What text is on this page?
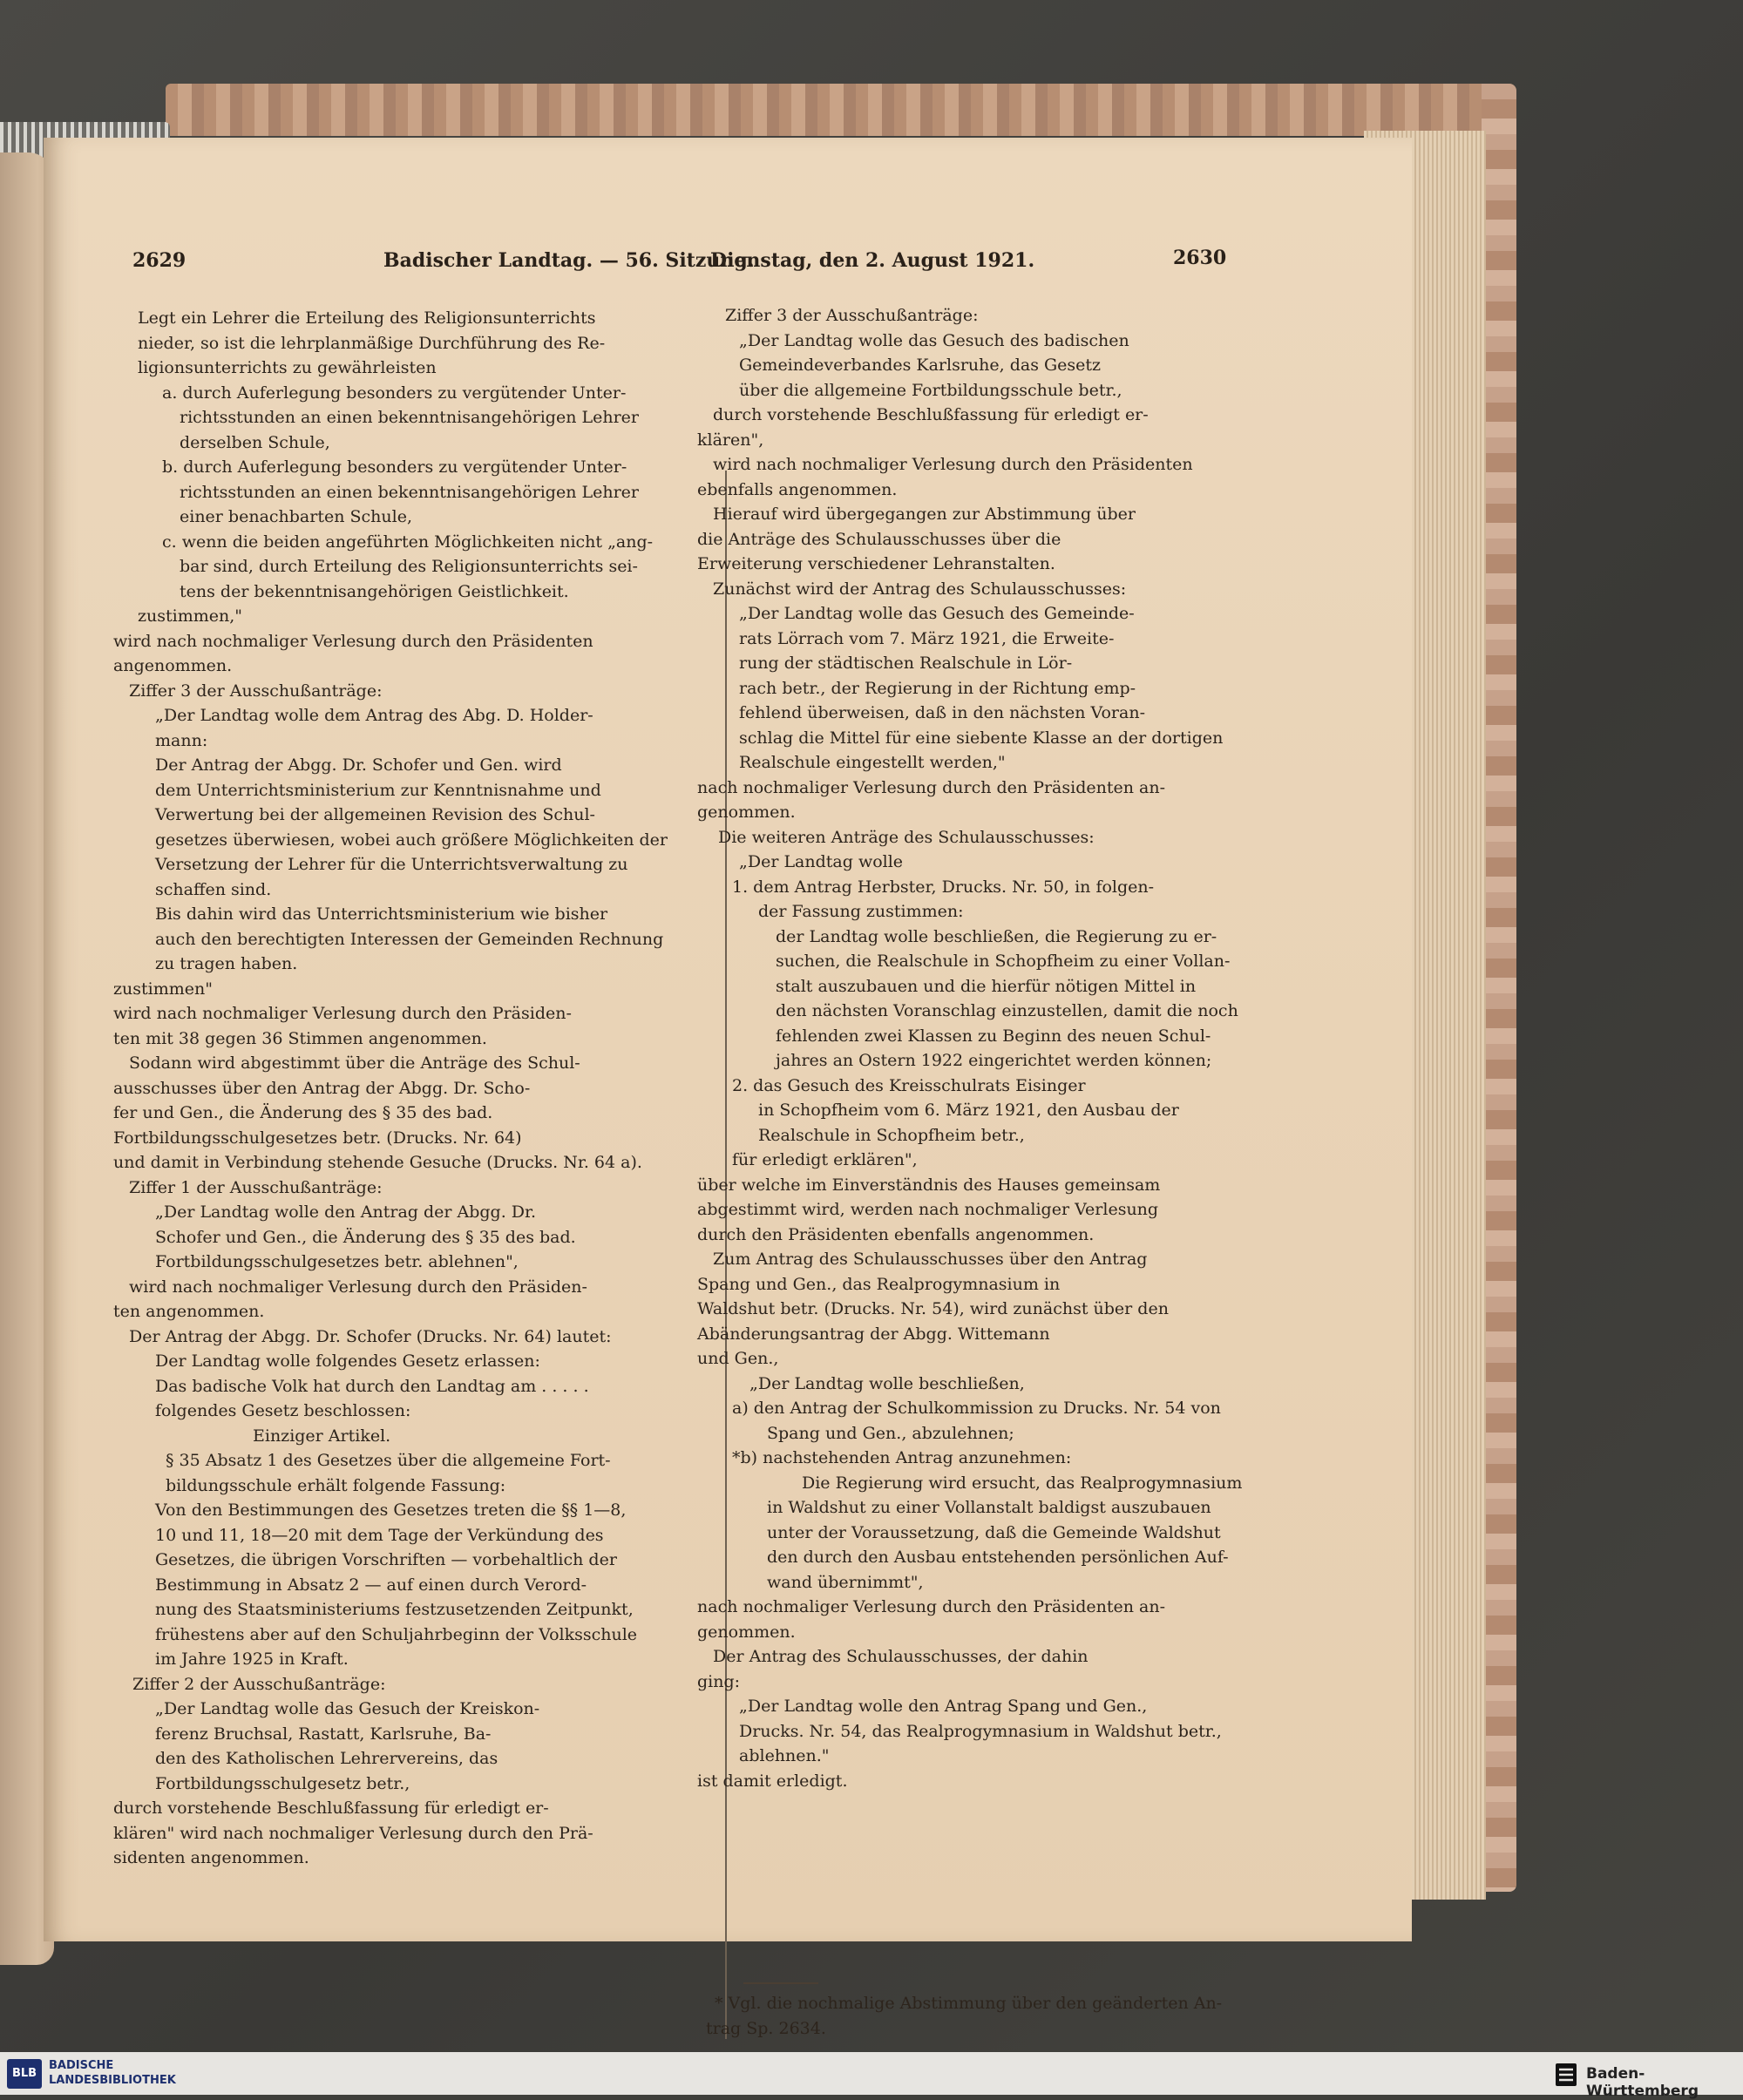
2629	Badischer Landtag. — 56. Sitzung.
Dienstag, den 2. August 1921.	2630

Legt ein Lehrer die Erteilung des Religionsunterrichts

nieder, so ist die lehrplanmäßige Durchführung des Re-

ligionsunterrichts zu gewährleisten

a. durch Auferlegung besonders zu vergütender Unter-

richtsstunden an einen bekenntnisangehörigen Lehrer

derselben Schule,

b. durch Auferlegung besonders zu vergütender Unter-

richtsstunden an einen bekenntnisangehörigen Lehrer

einer benachbarten Schule,

c. wenn die beiden angeführten Möglichkeiten nicht „ang-

bar sind, durch Erteilung des Religionsunterrichts sei-

tens der bekenntnisangehörigen Geistlichkeit.

zustimmen,"

wird nach nochmaliger Verlesung durch den Präsidenten

angenommen.

Ziffer 3 der Ausschußanträge:

„Der Landtag wolle dem Antrag des Abg. D. Holder-

mann:

Der Antrag der Abgg. Dr. Schofer und Gen. wird

dem Unterrichtsministerium zur Kenntnisnahme und

Verwertung bei der allgemeinen Revision des Schul-

gesetzes überwiesen, wobei auch größere Möglichkeiten der

Versetzung der Lehrer für die Unterrichtsverwaltung zu

schaffen sind.

Bis dahin wird das Unterrichtsministerium wie bisher

auch den berechtigten Interessen der Gemeinden Rechnung

zu tragen haben.

zustimmen"

wird nach nochmaliger Verlesung durch den Präsiden-

ten mit 38 gegen 36 Stimmen angenommen.

Sodann wird abgestimmt über die Anträge des Schul-

ausschusses über den Antrag der Abgg. Dr. Scho-

fer und Gen., die Änderung des § 35 des bad.

Fortbildungsschulgesetzes betr. (Drucks. Nr. 64)

und damit in Verbindung stehende Gesuche (Drucks. Nr. 64 a).

Ziffer 1 der Ausschußanträge:

„Der Landtag wolle den Antrag der Abgg. Dr.

Schofer und Gen., die Änderung des § 35 des bad.

Fortbildungsschulgesetzes betr. ablehnen",

wird nach nochmaliger Verlesung durch den Präsiden-

ten angenommen.

Der Antrag der Abgg. Dr. Schofer (Drucks. Nr. 64) lautet:

Der Landtag wolle folgendes Gesetz erlassen:

Das badische Volk hat durch den Landtag am . . . . .

folgendes Gesetz beschlossen:

Einziger Artikel.

§ 35 Absatz 1 des Gesetzes über die allgemeine Fort-

bildungsschule erhält folgende Fassung:

Von den Bestimmungen des Gesetzes treten die §§ 1—8,

10 und 11, 18—20 mit dem Tage der Verkündung des

Gesetzes, die übrigen Vorschriften — vorbehaltlich der

Bestimmung in Absatz 2 — auf einen durch Verord-

nung des Staatsministeriums festzusetzenden Zeitpunkt,

frühestens aber auf den Schuljahrbeginn der Volksschule

im Jahre 1925 in Kraft.

Ziffer 2 der Ausschußanträge:

„Der Landtag wolle das Gesuch der Kreiskon-

ferenz Bruchsal, Rastatt, Karlsruhe, Ba-

den des Katholischen Lehrervereins, das

Fortbildungsschulgesetz betr.,

durch vorstehende Beschlußfassung für erledigt er-

klären" wird nach nochmaliger Verlesung durch den Prä-

sidenten angenommen.

Ziffer 3 der Ausschußanträge:

„Der Landtag wolle das Gesuch des badischen

Gemeindeverbandes Karlsruhe, das Gesetz

über die allgemeine Fortbildungsschule betr.,

durch vorstehende Beschlußfassung für erledigt er-

klären",

wird nach nochmaliger Verlesung durch den Präsidenten

ebenfalls angenommen.

Hierauf wird übergegangen zur Abstimmung über

die Anträge des Schulausschusses über die

Erweiterung verschiedener Lehranstalten.

Zunächst wird der Antrag des Schulausschusses:

„Der Landtag wolle das Gesuch des Gemeinde-

rats Lörrach vom 7. März 1921, die Erweite-

rung der städtischen Realschule in Lör-

rach betr., der Regierung in der Richtung emp-

fehlend überweisen, daß in den nächsten Voran-

schlag die Mittel für eine siebente Klasse an der dortigen

Realschule eingestellt werden,"

nach nochmaliger Verlesung durch den Präsidenten an-

genommen.

Die weiteren Anträge des Schulausschusses:

„Der Landtag wolle

1. dem Antrag Herbster, Drucks. Nr. 50, in folgen-

der Fassung zustimmen:

der Landtag wolle beschließen, die Regierung zu er-

suchen, die Realschule in Schopfheim zu einer Vollan-

stalt auszubauen und die hierfür nötigen Mittel in

den nächsten Voranschlag einzustellen, damit die noch

fehlenden zwei Klassen zu Beginn des neuen Schul-

jahres an Ostern 1922 eingerichtet werden können;

2. das Gesuch des Kreisschulrats Eisinger

in Schopfheim vom 6. März 1921, den Ausbau der

Realschule in Schopfheim betr.,

für erledigt erklären",

über welche im Einverständnis des Hauses gemeinsam

abgestimmt wird, werden nach nochmaliger Verlesung

durch den Präsidenten ebenfalls angenommen.

Zum Antrag des Schulausschusses über den Antrag

Spang und Gen., das Realprogymnasium in

Waldshut betr. (Drucks. Nr. 54), wird zunächst über den

Abänderungsantrag der Abgg. Wittemann

und Gen.,

„Der Landtag wolle beschließen,

a) den Antrag der Schulkommission zu Drucks. Nr. 54 von

Spang und Gen., abzulehnen;

*b) nachstehenden Antrag anzunehmen:

Die Regierung wird ersucht, das Realprogymnasium

in Waldshut zu einer Vollanstalt baldigst auszubauen

unter der Voraussetzung, daß die Gemeinde Waldshut

den durch den Ausbau entstehenden persönlichen Auf-

wand übernimmt",

nach nochmaliger Verlesung durch den Präsidenten an-

genommen.

Der Antrag des Schulausschusses, der dahin

ging:

„Der Landtag wolle den Antrag Spang und Gen.,

Drucks. Nr. 54, das Realprogymnasium in Waldshut betr.,

ablehnen."

ist damit erledigt.

* Vgl. die nochmalige Abstimmung über den geänderten An-

trag Sp. 2634.

BLB
BADISCHE
LANDESBIBLIOTHEK	Baden-Württemberg
